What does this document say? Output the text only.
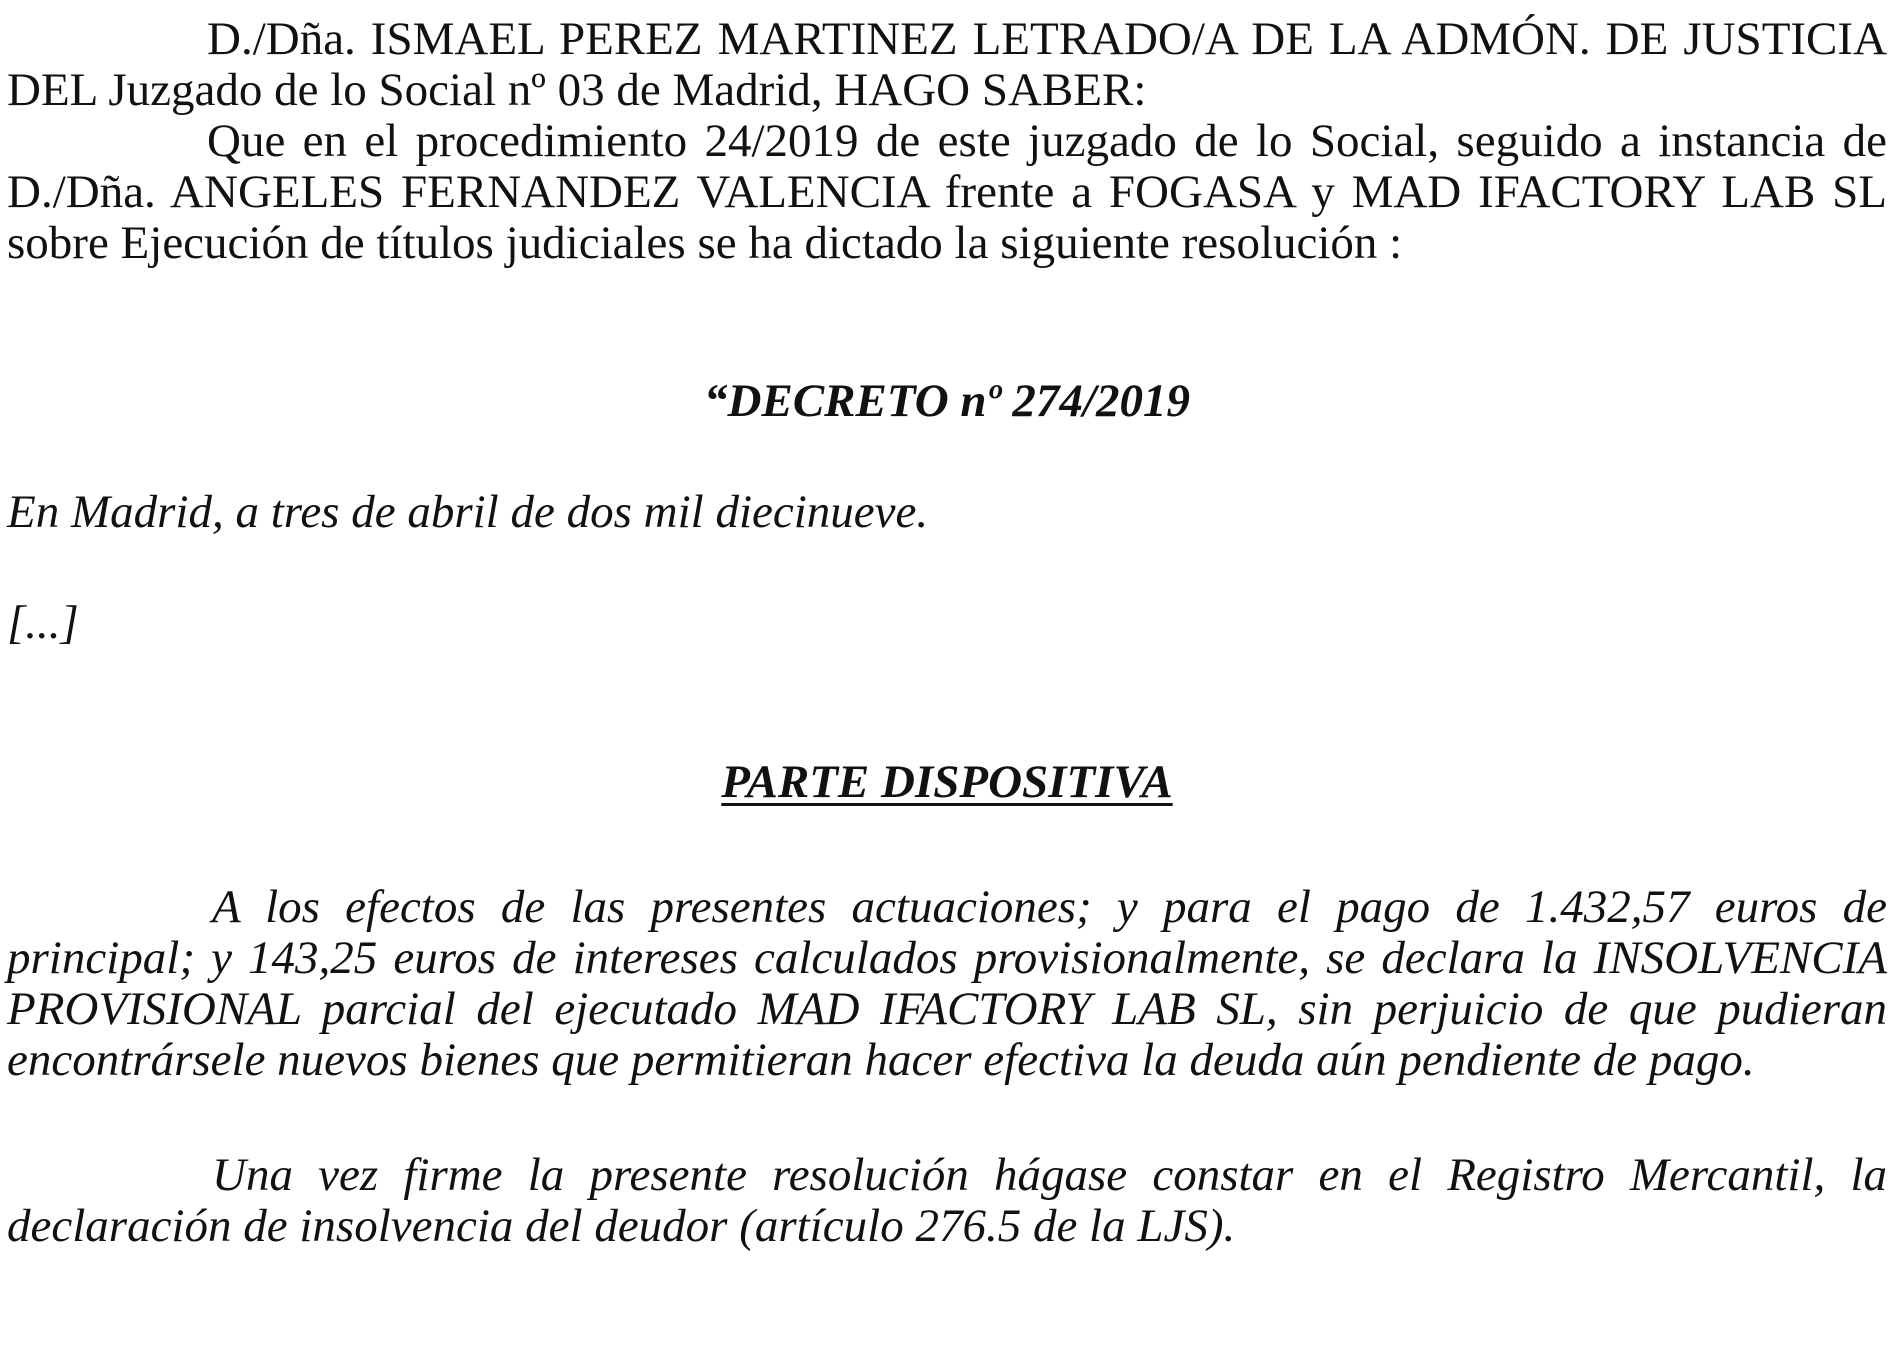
D./Dña. ISMAEL PEREZ MARTINEZ LETRADO/A DE LA ADMÓN. DE JUSTICIA DEL Juzgado de lo Social nº 03 de Madrid, HAGO SABER:

Que en el procedimiento 24/2019 de este juzgado de lo Social, seguido a instancia de D./Dña. ANGELES FERNANDEZ VALENCIA frente a FOGASA y MAD IFACTORY LAB SL sobre Ejecución de títulos judiciales se ha dictado la siguiente resolución :

“DECRETO nº 274/2019

En Madrid, a tres de abril de dos mil diecinueve.

[...]

PARTE DISPOSITIVA

A los efectos de las presentes actuaciones; y para el pago de 1.432,57 euros de principal; y 143,25 euros de intereses calculados provisionalmente, se declara la INSOLVENCIA PROVISIONAL parcial del ejecutado MAD IFACTORY LAB SL, sin perjuicio de que pudieran encontrársele nuevos bienes que permitieran hacer efectiva la deuda aún pendiente de pago.

Una vez firme la presente resolución hágase constar en el Registro Mercantil, la declaración de insolvencia del deudor (artículo 276.5 de la LJS).
